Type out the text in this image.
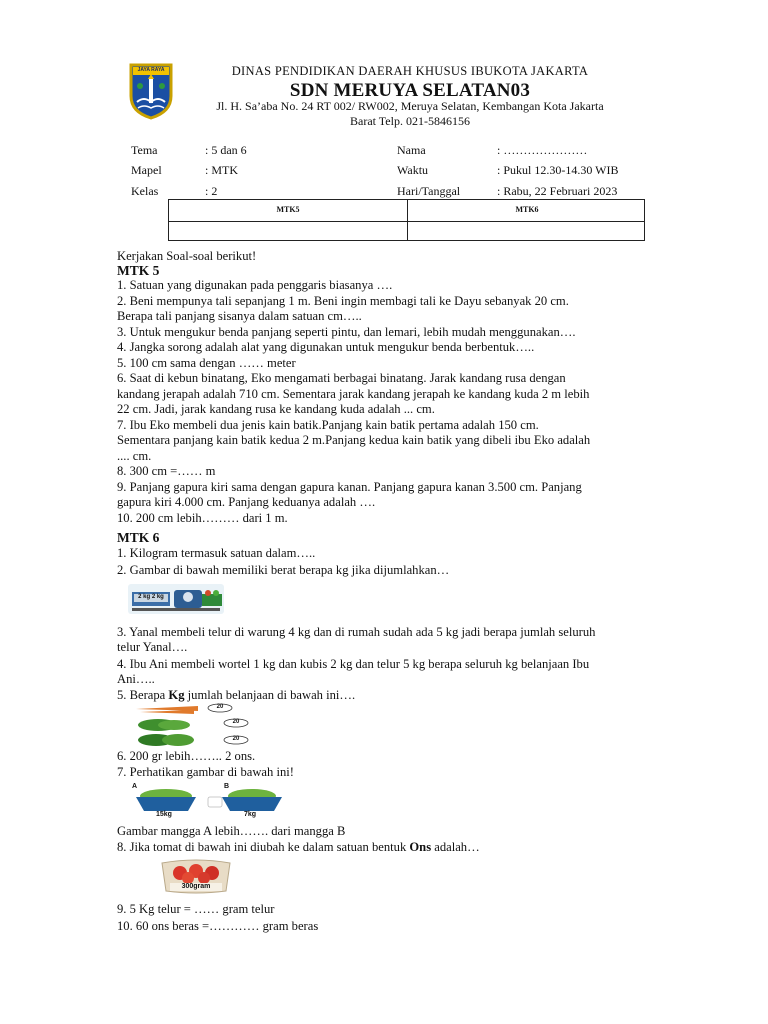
JAYA RAYA	DINAS PENDIDIKAN DAERAH KHUSUS IBUKOTA JAKARTA
SDN MERUYA SELATAN03
Jl. H. Sa’aba No. 24 RT 002/ RW002, Meruya Selatan, Kembangan Kota Jakarta
Barat Telp. 021-5846156
Tema	: 5 dan 6
Mapel	: MTK
Kelas	: 2
Nama	: …………………
Waktu	: Pukul 12.30-14.30 WIB
Hari/Tanggal	: Rabu, 22 Februari 2023
MTK5	MTK6
Kerjakan Soal-soal berikut!
MTK 5
1. Satuan yang digunakan pada penggaris biasanya ….
2. Beni mempunya tali sepanjang 1 m. Beni ingin membagi tali ke Dayu sebanyak 20 cm.
Berapa tali panjang sisanya dalam satuan cm…..
3. Untuk mengukur benda panjang seperti pintu, dan lemari, lebih mudah menggunakan….
4. Jangka sorong adalah alat yang digunakan untuk mengukur benda berbentuk…..
5. 100 cm sama dengan …… meter
6. Saat di kebun binatang, Eko mengamati berbagai binatang. Jarak kandang rusa dengan
kandang jerapah adalah 710 cm. Sementara jarak kandang jerapah ke kandang kuda 2 m lebih
22 cm. Jadi, jarak kandang rusa ke kandang kuda adalah ... cm.
7. Ibu Eko membeli dua jenis kain batik.Panjang kain batik pertama adalah 150 cm.
Sementara panjang kain batik kedua 2 m.Panjang kedua kain batik yang dibeli ibu Eko adalah
.... cm.
8. 300 cm =…… m
9. Panjang gapura kiri sama dengan gapura kanan. Panjang gapura kanan 3.500 cm. Panjang
gapura kiri 4.000 cm. Panjang keduanya adalah ….
10. 200 cm lebih……… dari 1 m.
MTK 6
1. Kilogram termasuk satuan dalam…..
2. Gambar di bawah memiliki berat berapa kg jika dijumlahkan…
2 kg 2 kg
3. Yanal membeli telur di warung 4 kg dan di rumah sudah ada 5 kg jadi berapa jumlah seluruh
telur Yanal….
4. Ibu Ani membeli wortel 1 kg dan kubis 2 kg dan telur 5 kg berapa seluruh kg belanjaan Ibu
Ani…..
5. Berapa Kg jumlah belanjaan di bawah ini….
20
20
20
6. 200 gr lebih…….. 2 ons.
7. Perhatikan gambar di bawah ini!
A	B
15kg	7kg
Gambar mangga A lebih……. dari mangga B
8. Jika tomat di bawah ini diubah ke dalam satuan bentuk Ons adalah…
300gram
9. 5 Kg telur = …… gram telur
10. 60 ons beras =………… gram beras
